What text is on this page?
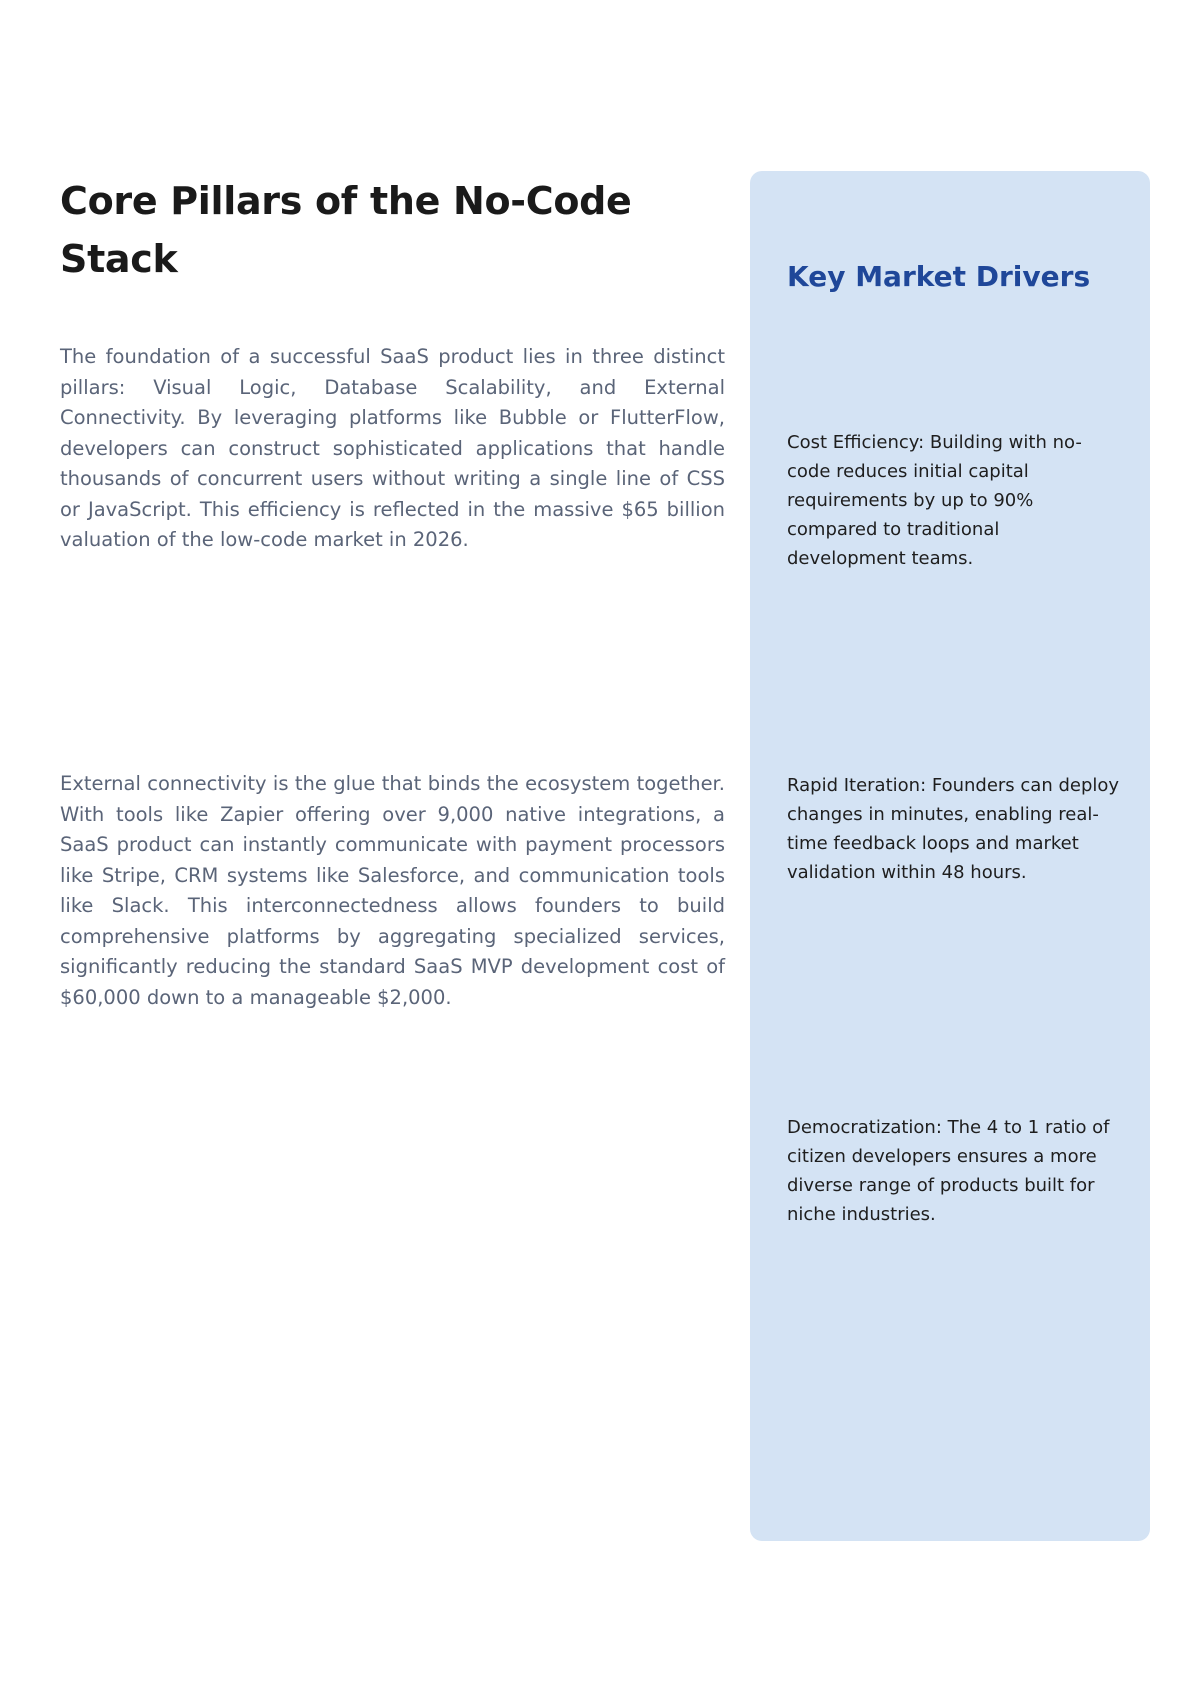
Core Pillars of the No-Code Stack

The foundation of a successful SaaS product lies in three distinct pillars: Visual Logic, Database Scalability, and External Connectivity. By leveraging platforms like Bubble or FlutterFlow, developers can construct sophisticated applications that handle thousands of concurrent users without writing a single line of CSS or JavaScript. This efficiency is reflected in the massive $65 billion valuation of the low-code market in 2026.

External connectivity is the glue that binds the ecosystem together. With tools like Zapier offering over 9,000 native integrations, a SaaS product can instantly communicate with payment processors like Stripe, CRM systems like Salesforce, and communication tools like Slack. This interconnectedness allows founders to build comprehensive platforms by aggregating specialized services, significantly reducing the standard SaaS MVP development cost of $60,000 down to a manageable $2,000.

Key Market Drivers

Cost Efficiency: Building with no-code reduces initial capital requirements by up to 90% compared to traditional development teams.

Rapid Iteration: Founders can deploy changes in minutes, enabling real-time feedback loops and market validation within 48 hours.

Democratization: The 4 to 1 ratio of citizen developers ensures a more diverse range of products built for niche industries.
